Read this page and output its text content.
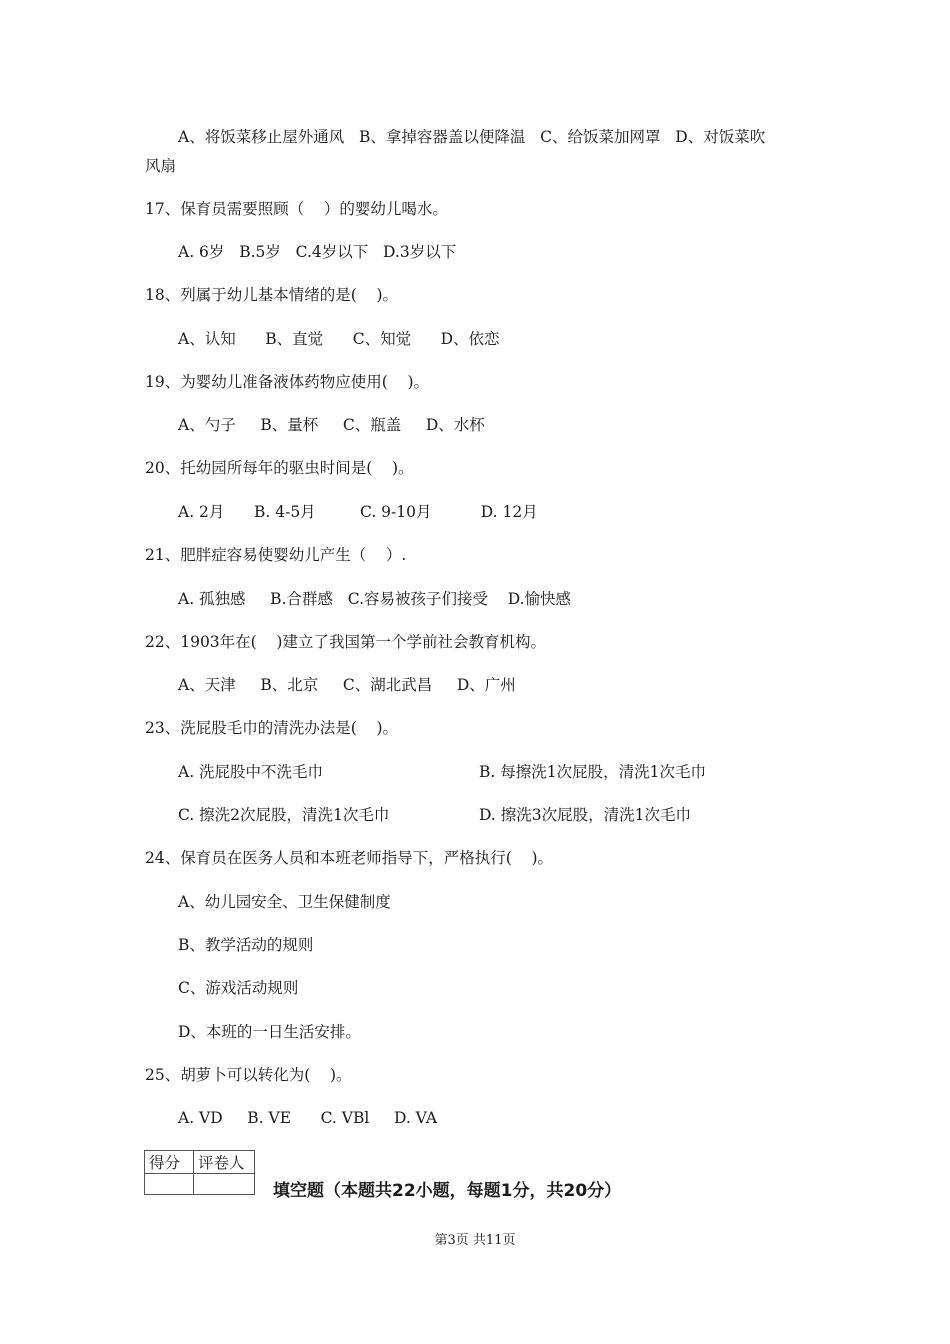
A、将饭菜移止屋外通风   B、拿掉容器盖以便降温   C、给饭菜加网罩   D、对饭菜吹
风扇
17、保育员需要照顾（    ）的婴幼儿喝水。
A. 6岁   B.5岁   C.4岁以下   D.3岁以下
18、列属于幼儿基本情绪的是(    )。
A、认知      B、直觉      C、知觉      D、依恋
19、为婴幼儿准备液体药物应使用(    )。
A、勺子     B、量杯     C、瓶盖     D、水杯
20、托幼园所每年的驱虫时间是(    )。
A. 2月      B. 4-5月         C. 9-10月          D. 12月
21、肥胖症容易使婴幼儿产生（    ）.
A. 孤独感     B.合群感   C.容易被孩子们接受    D.愉快感
22、1903年在(    )建立了我国第一个学前社会教育机构。
A、天津     B、北京     C、湖北武昌     D、广州
23、洗屁股毛巾的清洗办法是(    )。
A. 洗屁股中不洗毛巾	B. 每擦洗1次屁股，清洗1次毛巾
C. 擦洗2次屁股，清洗1次毛巾	D. 擦洗3次屁股，清洗1次毛巾
24、保育员在医务人员和本班老师指导下，严格执行(    )。
A、幼儿园安全、卫生保健制度
B、教学活动的规则
C、游戏活动规则
D、本班的一日生活安排。
25、胡萝卜可以转化为(    )。
A. VD     B. VE      C. VBl     D. VA
得分	评卷人

填空题（本题共22小题，每题1分，共20分）
第3页 共11页
